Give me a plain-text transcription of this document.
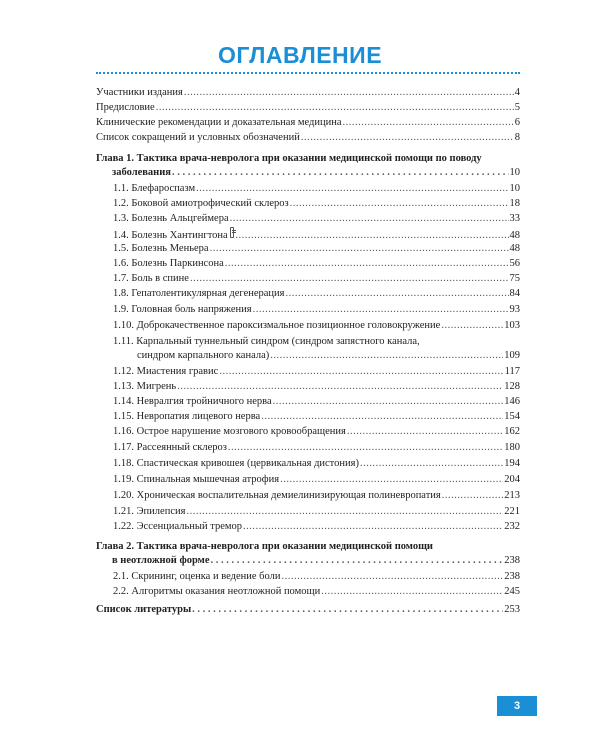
ОГЛАВЛЕНИЕ
Участники издания .....	4
Предисловие .....	5
Клинические рекомендации и доказательная медицина .....	6
Список сокращений и условных обозначений .....	8
Глава 1. Тактика врача-невролога при оказании медицинской помощи по поводу
заболевания . . .	10
1.1. Блефароспазм .....	10
1.2. Боковой амиотрофический склероз .....	18
1.3. Болезнь Альцгеймера .....	33
1.4. Болезнь Хантингтона .....	48
1.5. Болезнь Меньера .....	48
1.6. Болезнь Паркинсона .....	56
1.7. Боль в спине .....	75
1.8. Гепатолентикулярная дегенерация .....	84
1.9. Головная боль напряжения .....	93
1.10. Доброкачественное пароксизмальное позиционное головокружение .....	103
1.11. Карпальный туннельный синдром (синдром запястного канала,
синдром карпального канала) .....	109
1.12. Миастения гравис .....	117
1.13. Мигрень .....	128
1.14. Невралгия тройничного нерва .....	146
1.15. Невропатия лицевого нерва .....	154
1.16. Острое нарушение мозгового кровообращения .....	162
1.17. Рассеянный склероз .....	180
1.18. Спастическая кривошея (цервикальная дистония) .....	194
1.19. Спинальная мышечная атрофия .....	204
1.20. Хроническая воспалительная демиелинизирующая полиневропатия .....	213
1.21. Эпилепсия .....	221
1.22. Эссенциальный тремор .....	232
Глава 2. Тактика врача-невролога при оказании медицинской помощи
в неотложной форме . . .	238
2.1. Скрининг, оценка и ведение боли .....	238
2.2. Алгоритмы оказания неотложной помощи .....	245
Список литературы . . .	253
3
